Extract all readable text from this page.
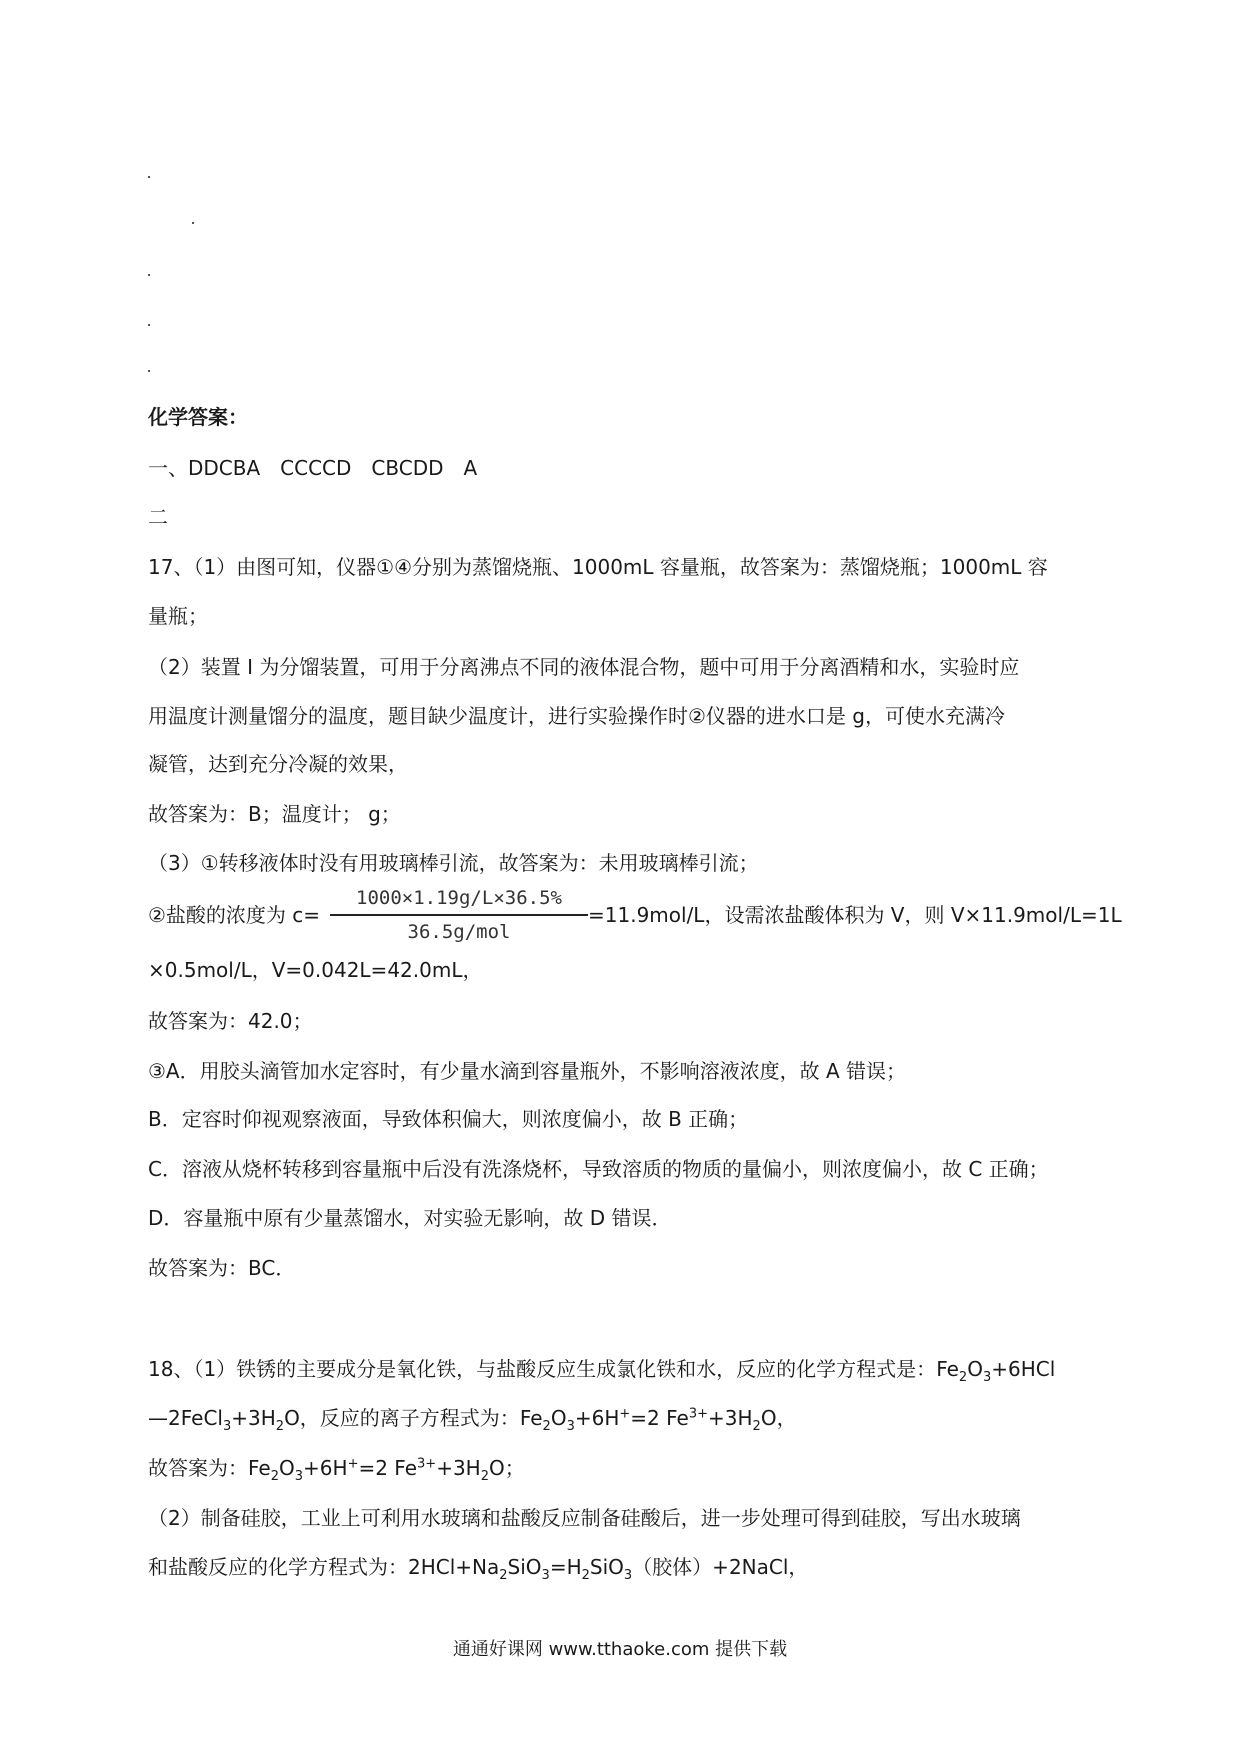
化学答案：
一、DDCBA　CCCCD　CBCDD　A
二
17、（1）由图可知，仪器①④分别为蒸馏烧瓶、1000mL 容量瓶，故答案为：蒸馏烧瓶；1000mL 容
量瓶；
（2）装置 I 为分馏装置，可用于分离沸点不同的液体混合物，题中可用于分离酒精和水，实验时应
用温度计测量馏分的温度，题目缺少温度计，进行实验操作时②仪器的进水口是 g，可使水充满冷
凝管，达到充分冷凝的效果，
故答案为：B；温度计； g；
（3）①转移液体时没有用玻璃棒引流，故答案为：未用玻璃棒引流；
②盐酸的浓度为 c=
1000×1.19g/L×36.5%
36.5g/mol
=11.9mol/L，设需浓盐酸体积为 V，则 V×11.9mol/L=1L
×0.5mol/L，V=0.042L=42.0mL，
故答案为：42.0；
③A．用胶头滴管加水定容时，有少量水滴到容量瓶外，不影响溶液浓度，故 A 错误；
B．定容时仰视观察液面，导致体积偏大，则浓度偏小，故 B 正确；
C．溶液从烧杯转移到容量瓶中后没有洗涤烧杯，导致溶质的物质的量偏小，则浓度偏小，故 C 正确；
D．容量瓶中原有少量蒸馏水，对实验无影响，故 D 错误．
故答案为：BC．
18、（1）铁锈的主要成分是氧化铁，与盐酸反应生成氯化铁和水，反应的化学方程式是：$Fe_2O_3+6HCl$
$—2FeCl_3+3H_2O$，反应的离子方程式为：$Fe_2O_3+6H^+=2$ $Fe^{3+}+3H_2O$，
故答案为：$Fe_2O_3+6H^+=2$ $Fe^{3+}+3H_2O$；
（2）制备硅胶，工业上可利用水玻璃和盐酸反应制备硅酸后，进一步处理可得到硅胶，写出水玻璃
和盐酸反应的化学方程式为：$2HCl+Na_2SiO_3=H_2SiO_3$（胶体）+2NaCl，
通通好课网 www.tthaoke.com 提供下载
